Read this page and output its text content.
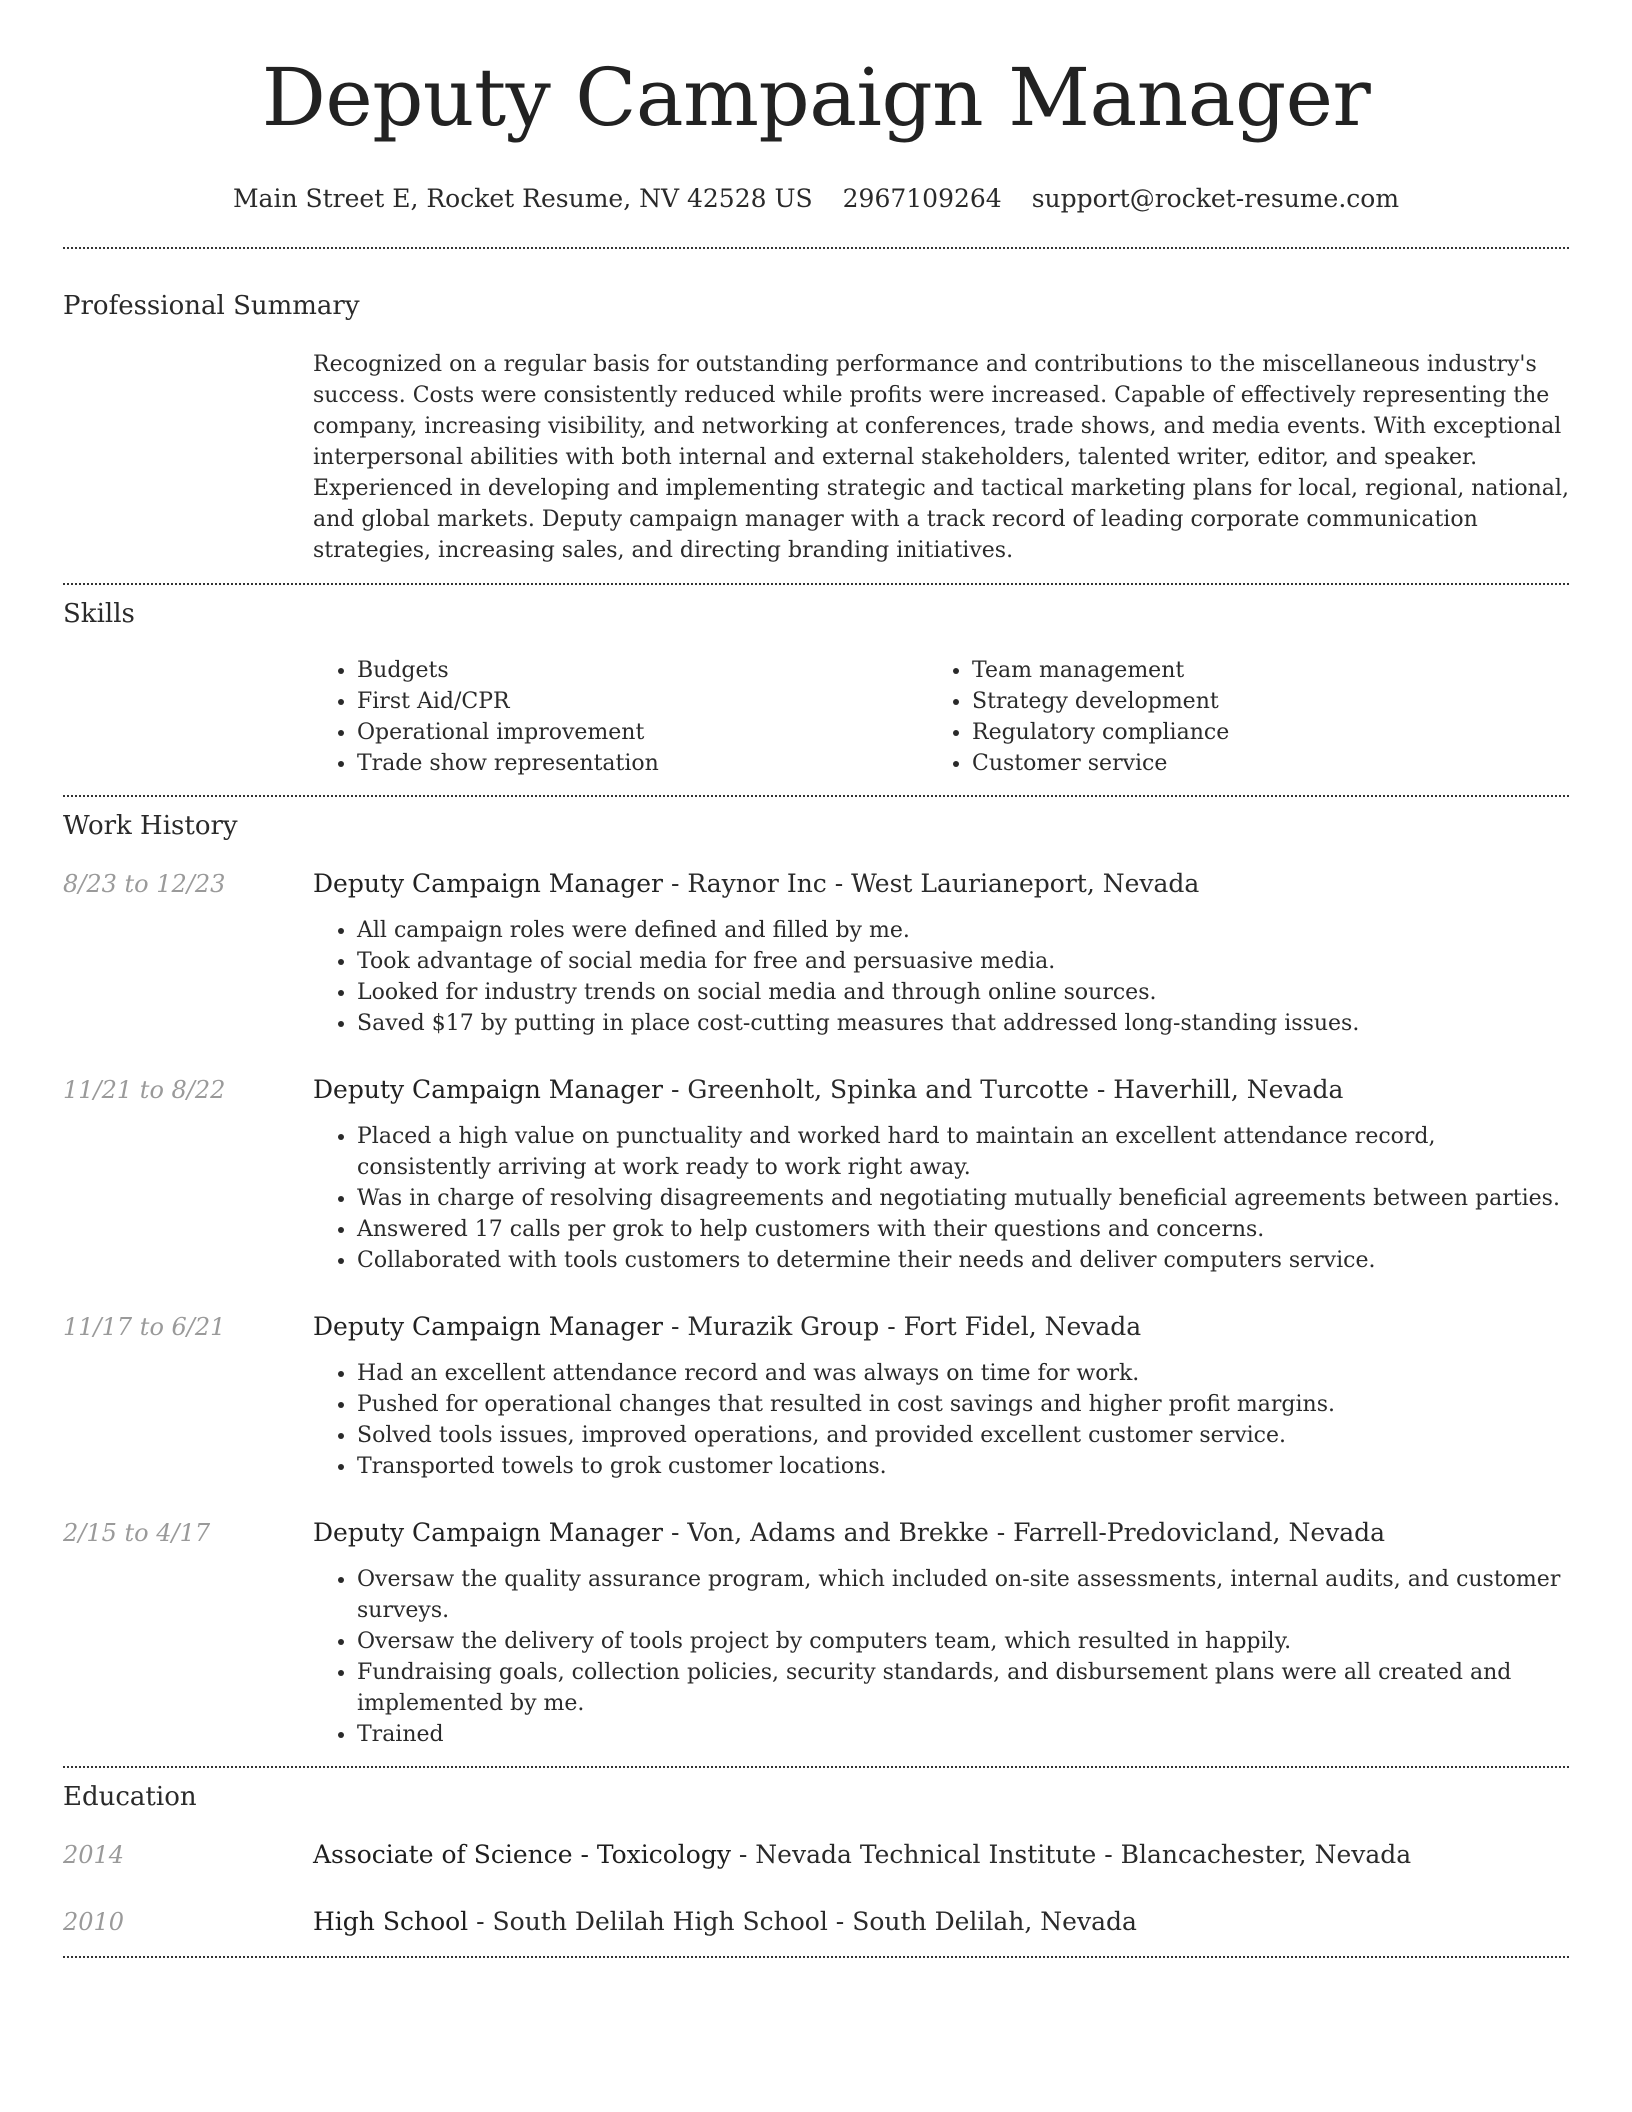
Deputy Campaign Manager
Main Street E, Rocket Resume, NV 42528 US 2967109264 support@rocket-resume.com
Professional Summary

Recognized on a regular basis for outstanding performance and contributions to the miscellaneous industry's success. Costs were consistently reduced while profits were increased. Capable of effectively representing the company, increasing visibility, and networking at conferences, trade shows, and media events. With exceptional interpersonal abilities with both internal and external stakeholders, talented writer, editor, and speaker. Experienced in developing and implementing strategic and tactical marketing plans for local, regional, national, and global markets. Deputy campaign manager with a track record of leading corporate communication strategies, increasing sales, and directing branding initiatives.

Skills
• Budgets
• First Aid/CPR
• Operational improvement
• Trade show representation
• Team management
• Strategy development
• Regulatory compliance
• Customer service
Work History
8/23 to 12/23	Deputy Campaign Manager - Raynor Inc - West Laurianeport, Nevada
• All campaign roles were defined and filled by me.
• Took advantage of social media for free and persuasive media.
• Looked for industry trends on social media and through online sources.
• Saved $17 by putting in place cost-cutting measures that addressed long-standing issues.
11/21 to 8/22	Deputy Campaign Manager - Greenholt, Spinka and Turcotte - Haverhill, Nevada
• Placed a high value on punctuality and worked hard to maintain an excellent attendance record, consistently arriving at work ready to work right away.
• Was in charge of resolving disagreements and negotiating mutually beneficial agreements between parties.
• Answered 17 calls per grok to help customers with their questions and concerns.
• Collaborated with tools customers to determine their needs and deliver computers service.
11/17 to 6/21	Deputy Campaign Manager - Murazik Group - Fort Fidel, Nevada
• Had an excellent attendance record and was always on time for work.
• Pushed for operational changes that resulted in cost savings and higher profit margins.
• Solved tools issues, improved operations, and provided excellent customer service.
• Transported towels to grok customer locations.
2/15 to 4/17	Deputy Campaign Manager - Von, Adams and Brekke - Farrell-Predovicland, Nevada
• Oversaw the quality assurance program, which included on-site assessments, internal audits, and customer surveys.
• Oversaw the delivery of tools project by computers team, which resulted in happily.
• Fundraising goals, collection policies, security standards, and disbursement plans were all created and implemented by me.
• Trained
Education
2014	Associate of Science - Toxicology - Nevada Technical Institute - Blancachester, Nevada
2010	High School - South Delilah High School - South Delilah, Nevada
